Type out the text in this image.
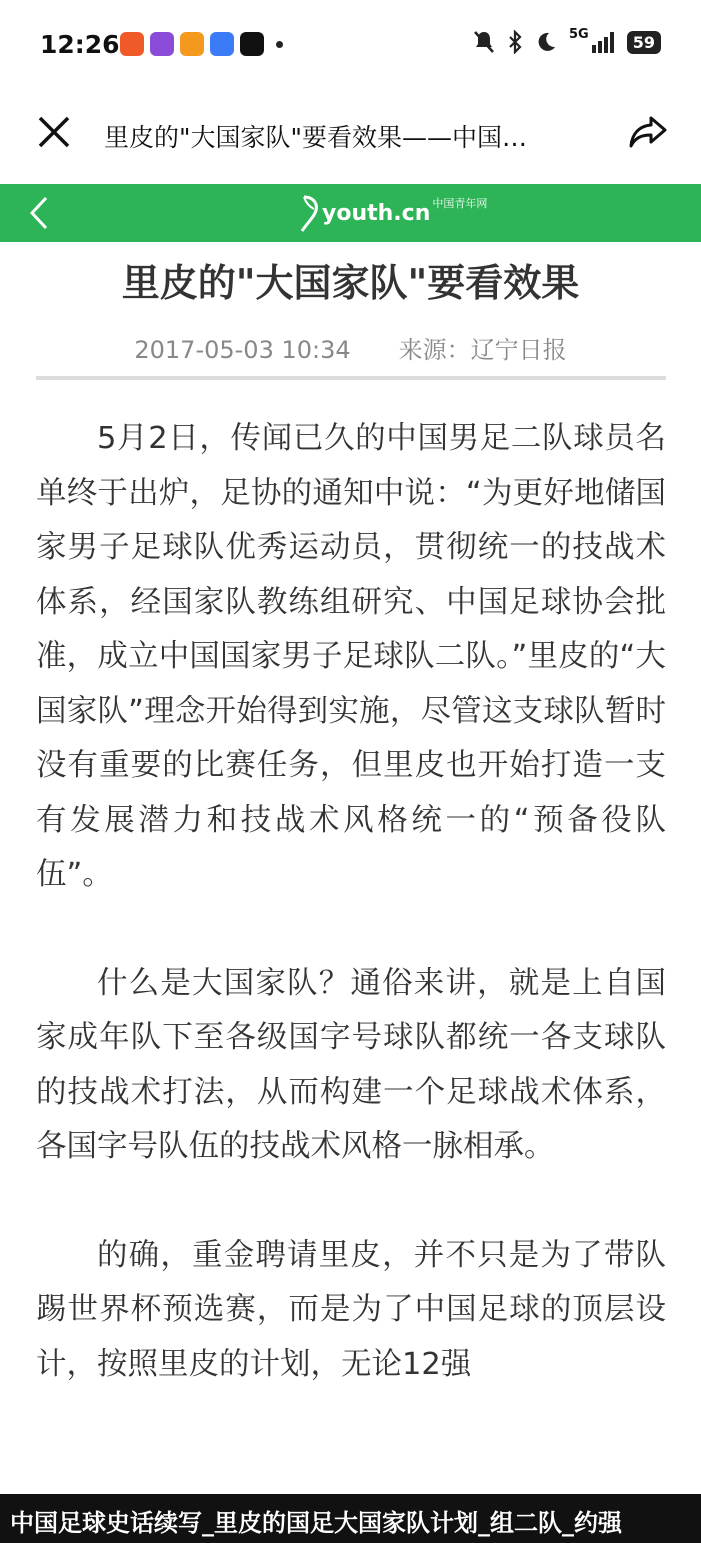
12:26	5G	59
里皮的"大国家队"要看效果——中国…
youth.cn 中国青年网
里皮的"大国家队"要看效果
2017-05-03 10:34 来源：辽宁日报

5月2日，传闻已久的中国男足二队球员名单终于出炉，足协的通知中说：“为更好地储国家男子足球队优秀运动员，贯彻统一的技战术体系，经国家队教练组研究、中国足球协会批准，成立中国国家男子足球队二队。”里皮的“大国家队”理念开始得到实施，尽管这支球队暂时没有重要的比赛任务，但里皮也开始打造一支有发展潜力和技战术风格统一的“预备役队伍”。

什么是大国家队？通俗来讲，就是上自国家成年队下至各级国字号球队都统一各支球队的技战术打法，从而构建一个足球战术体系，各国字号队伍的技战术风格一脉相承。

的确，重金聘请里皮，并不只是为了带队踢世界杯预选赛，而是为了中国足球的顶层设计，按照里皮的计划，无论12强

中国足球史话续写_里皮的国足大国家队计划_组二队_约强
